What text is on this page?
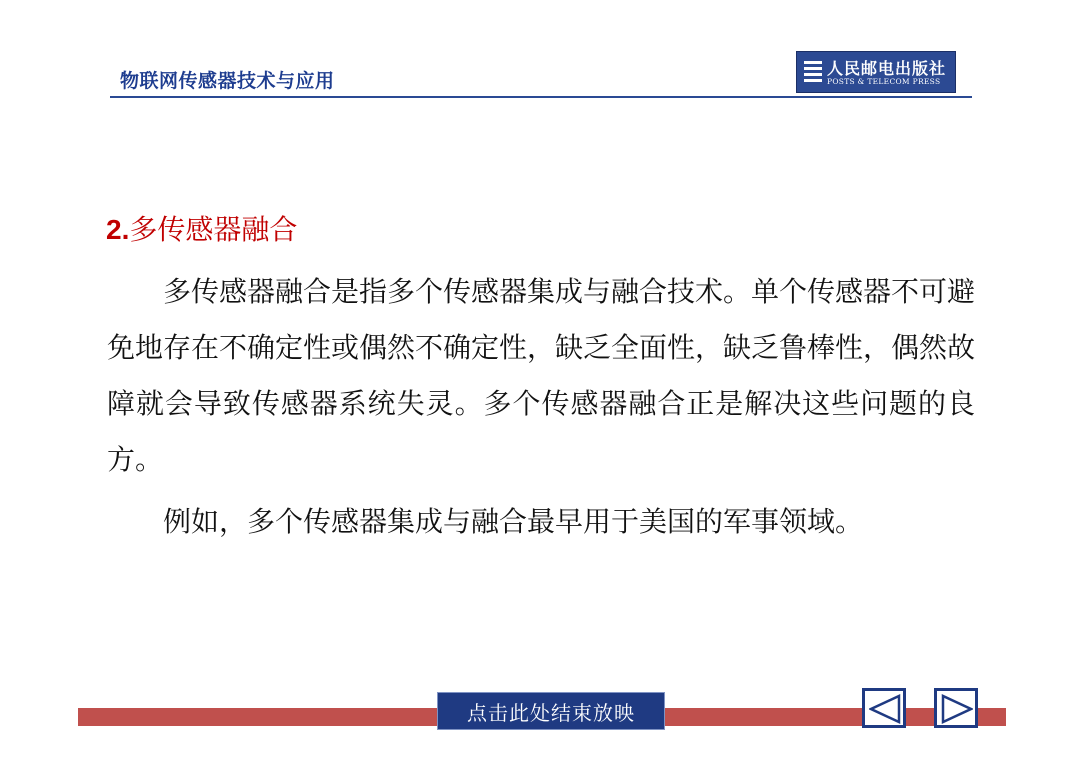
物联网传感器技术与应用
人民邮电出版社
POSTS & TELECOM PRESS
2.多传感器融合

多传感器融合是指多个传感器集成与融合技术。单个传感器不可避免地存在不确定性或偶然不确定性，缺乏全面性，缺乏鲁棒性，偶然故障就会导致传感器系统失灵。多个传感器融合正是解决这些问题的良方。

例如，多个传感器集成与融合最早用于美国的军事领域。

点击此处结束放映
